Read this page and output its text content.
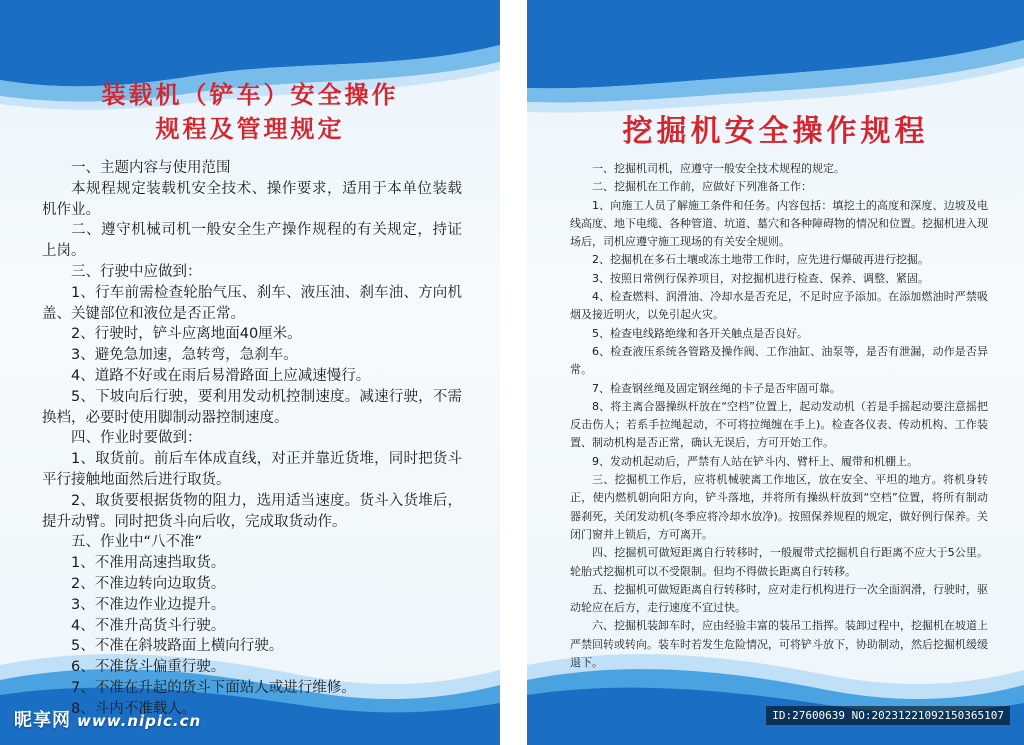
装载机（铲车）安全操作
规程及管理规定

一、主题内容与使用范围

本规程规定装载机安全技术、操作要求，适用于本单位装载机作业。

二、遵守机械司机一般安全生产操作规程的有关规定，持证上岗。

三、行驶中应做到：

1、行车前需检查轮胎气压、刹车、液压油、刹车油、方向机盖、关键部位和液位是否正常。

2、行驶时，铲斗应离地面40厘米。

3、避免急加速，急转弯，急刹车。

4、道路不好或在雨后易滑路面上应减速慢行。

5、下坡向后行驶，要利用发动机控制速度。减速行驶，不需换档，必要时使用脚制动器控制速度。

四、作业时要做到：

1、取货前。前后车体成直线，对正并靠近货堆，同时把货斗平行接触地面然后进行取货。

2、取货要根据货物的阻力，选用适当速度。货斗入货堆后，提升动臂。同时把货斗向后收，完成取货动作。

五、作业中“八不准”

1、不准用高速挡取货。

2、不准边转向边取货。

3、不准边作业边提升。

4、不准升高货斗行驶。

5、不准在斜坡路面上横向行驶。

6、不准货斗偏重行驶。

7、不准在升起的货斗下面站人或进行维修。

8、斗内不准载人。

挖掘机安全操作规程

一、挖掘机司机，应遵守一般安全技术规程的规定。

二、挖掘机在工作前，应做好下列准备工作：

1、向施工人员了解施工条件和任务。内容包括：填挖土的高度和深度、边坡及电线高度、地下电缆、各种管道、坑道、墓穴和各种障碍物的情况和位置。挖掘机进入现场后，司机应遵守施工现场的有关安全规则。

2、挖掘机在多石土壤或冻土地带工作时，应先进行爆破再进行挖掘。

3、按照日常例行保养项目，对挖掘机进行检查、保养、调整、紧固。

4、检查燃料、润滑油、冷却水是否充足，不足时应予添加。在添加燃油时严禁吸烟及接近明火，以免引起火灾。

5、检查电线路绝缘和各开关触点是否良好。

6、检查液压系统各管路及操作阀、工作油缸、油泵等，是否有泄漏，动作是否异常。

7、检查钢丝绳及固定钢丝绳的卡子是否牢固可靠。

8、将主离合器操纵杆放在“空档”位置上，起动发动机（若是手摇起动要注意摇把反击伤人；若系手拉绳起动，不可将拉绳缠在手上)。检查各仪表、传动机构、工作装置、制动机构是否正常，确认无误后，方可开始工作。

9、发动机起动后，严禁有人站在铲斗内、臂杆上、履带和机棚上。

三、挖掘机工作后，应将机械驶离工作地区，放在安全、平坦的地方。将机身转正，使内燃机朝向阳方向，铲斗落地，并将所有操纵杆放到“空档”位置，将所有制动器刹死，关闭发动机(冬季应将冷却水放净)。按照保养规程的规定，做好例行保养。关闭门窗并上锁后，方可离开。

四、挖掘机可做短距离自行转移时，一般履带式挖掘机自行距离不应大于5公里。轮胎式挖掘机可以不受限制。但均不得做长距离自行转移。

五、挖掘机可做短距离自行转移时，应对走行机构进行一次全面润滑，行驶时，驱动轮应在后方，走行速度不宜过快。

六、挖掘机装卸车时，应由经验丰富的装吊工指挥。装卸过程中，挖掘机在坡道上严禁回转或转向。装车时若发生危险情况，可将铲斗放下，协助制动，然后挖掘机缓缓退下。

昵享网 www.nipic.cn	ID:27600639 NO:20231221092150365107
